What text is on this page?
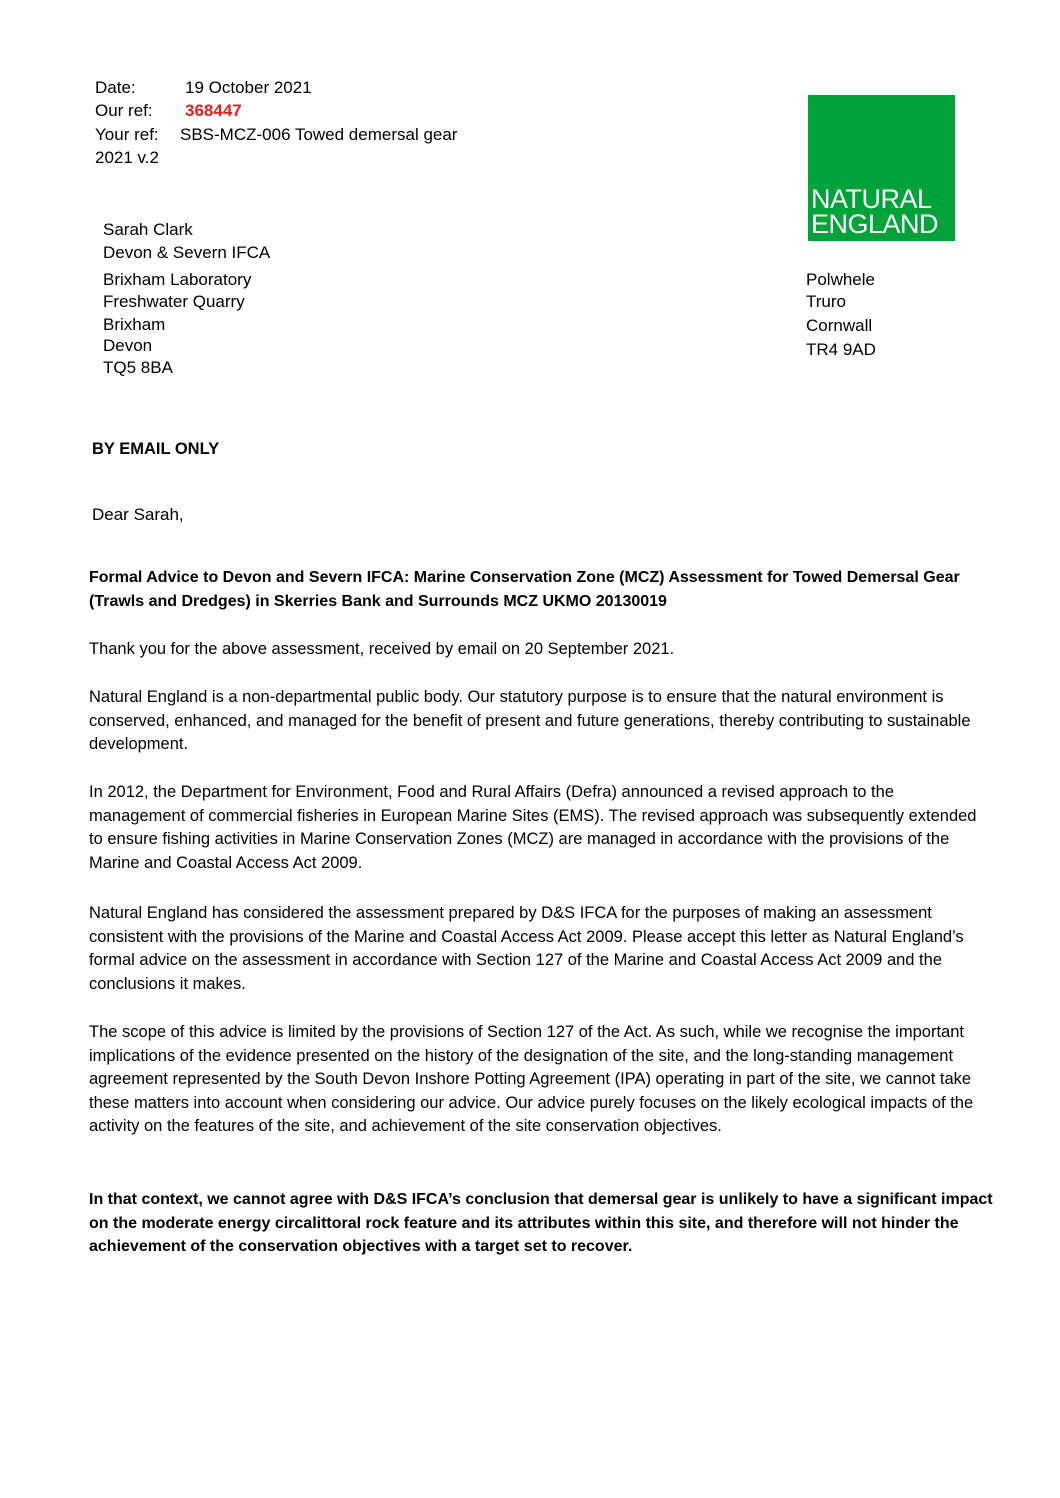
Date:	19 October 2021
Our ref: 368447
Your ref: SBS-MCZ-006 Towed demersal gear
2021 v.2
NATURAL
ENGLAND
Sarah Clark
Devon & Severn IFCA
Brixham Laboratory
Freshwater Quarry
Brixham
Devon
TQ5 8BA
Polwhele
Truro
Cornwall
TR4 9AD
BY EMAIL ONLY
Dear Sarah,

Formal Advice to Devon and Severn IFCA: Marine Conservation Zone (MCZ) Assessment for Towed Demersal Gear (Trawls and Dredges) in Skerries Bank and Surrounds MCZ UKMO 20130019

Thank you for the above assessment, received by email on 20 September 2021.

Natural England is a non-departmental public body. Our statutory purpose is to ensure that the natural environment is conserved, enhanced, and managed for the benefit of present and future generations, thereby contributing to sustainable development.

In 2012, the Department for Environment, Food and Rural Affairs (Defra) announced a revised approach to the management of commercial fisheries in European Marine Sites (EMS). The revised approach was subsequently extended to ensure fishing activities in Marine Conservation Zones (MCZ) are managed in accordance with the provisions of the Marine and Coastal Access Act 2009.

Natural England has considered the assessment prepared by D&S IFCA for the purposes of making an assessment consistent with the provisions of the Marine and Coastal Access Act 2009. Please accept this letter as Natural England’s formal advice on the assessment in accordance with Section 127 of the Marine and Coastal Access Act 2009 and the conclusions it makes.

The scope of this advice is limited by the provisions of Section 127 of the Act. As such, while we recognise the important implications of the evidence presented on the history of the designation of the site, and the long-standing management agreement represented by the South Devon Inshore Potting Agreement (IPA) operating in part of the site, we cannot take these matters into account when considering our advice. Our advice purely focuses on the likely ecological impacts of the activity on the features of the site, and achievement of the site conservation objectives.

In that context, we cannot agree with D&S IFCA’s conclusion that demersal gear is unlikely to have a significant impact on the moderate energy circalittoral rock feature and its attributes within this site, and therefore will not hinder the achievement of the conservation objectives with a target set to recover.
